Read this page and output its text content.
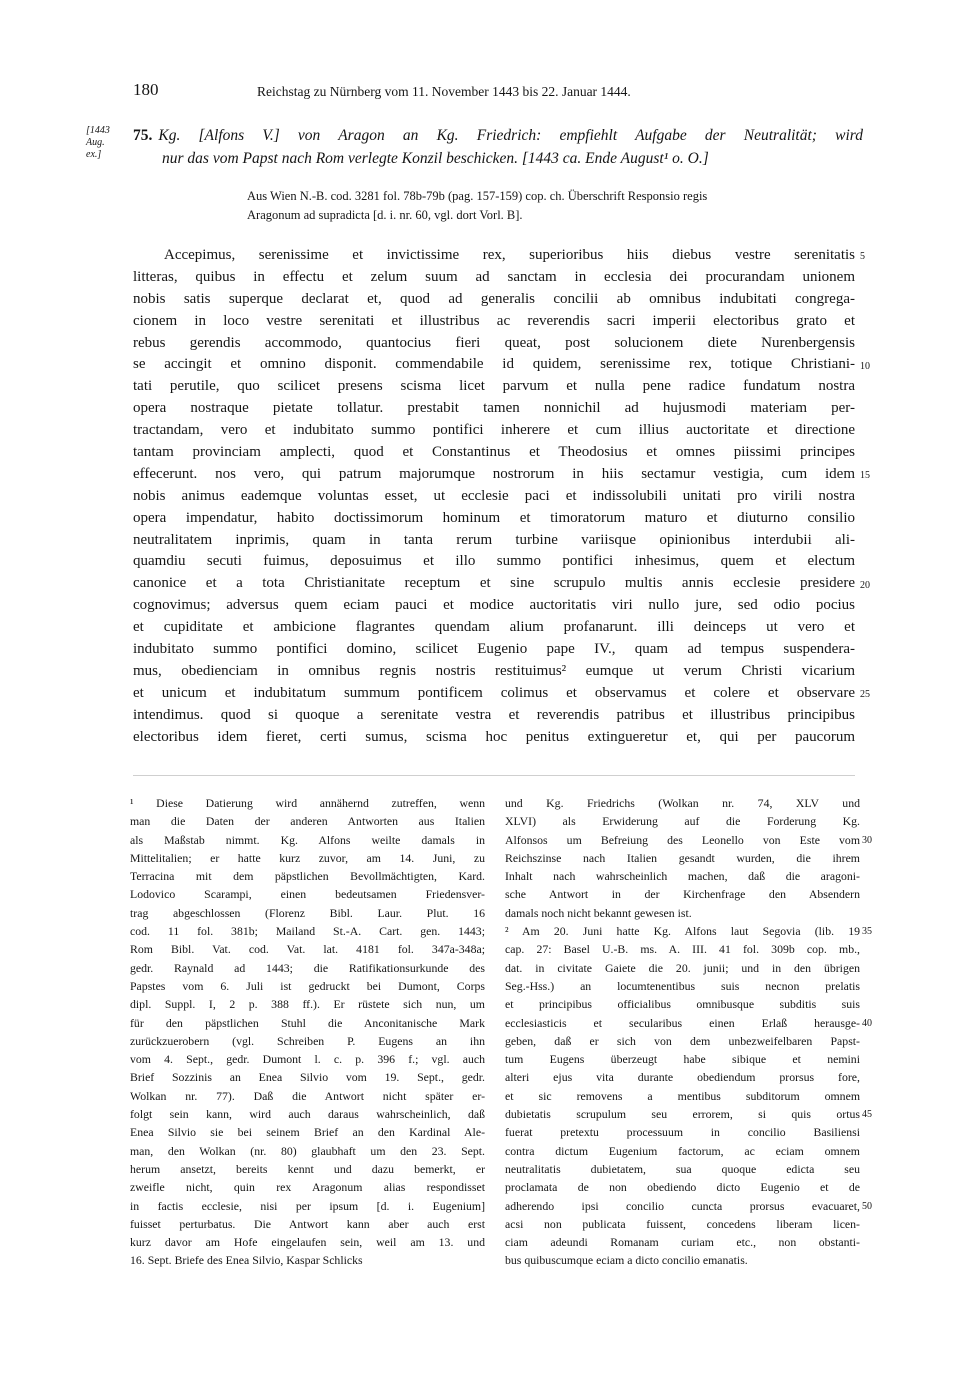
180	Reichstag zu Nürnberg vom 11. November 1443 bis 22. Januar 1444.
[1443
Aug.
ex.]
75. Kg. [Alfons V.] von Aragon an Kg. Friedrich: empfiehlt Aufgabe der Neutralität; wird
nur das vom Papst nach Rom verlegte Konzil beschicken. [1443 ca. Ende August¹ o. O.]
Aus Wien N.-B. cod. 3281 fol. 78b-79b (pag. 157-159) cop. ch. Überschrift Responsio regis
Aragonum ad supradicta [d. i. nr. 60, vgl. dort Vorl. B].
Accepimus, serenissime et invictissime rex, superioribus hiis diebus vestre serenitatis
litteras, quibus in effectu et zelum suum ad sanctam in ecclesia dei procurandam unionem
nobis satis superque declarat et, quod ad generalis concilii ab omnibus indubitati congrega-
cionem in loco vestre serenitati et illustribus ac reverendis sacri imperii electoribus grato et
rebus gerendis accommodo, quantocius fieri queat, post solucionem diete Nurenbergensis
se accingit et omnino disponit. commendabile id quidem, serenissime rex, totique Christiani-
tati perutile, quo scilicet presens scisma licet parvum et nulla pene radice fundatum nostra
opera nostraque pietate tollatur. prestabit tamen nonnichil ad hujusmodi materiam per-
tractandam, vero et indubitato summo pontifici inherere et cum illius auctoritate et directione
tantam provinciam amplecti, quod et Constantinus et Theodosius et omnes piissimi principes
effecerunt. nos vero, qui patrum majorumque nostrorum in hiis sectamur vestigia, cum idem
nobis animus eademque voluntas esset, ut ecclesie paci et indissolubili unitati pro virili nostra
opera impendatur, habito doctissimorum hominum et timoratorum maturo et diuturno consilio
neutralitatem inprimis, quam in tanta rerum turbine variisque opinionibus interdubii ali-
quamdiu secuti fuimus, deposuimus et illo summo pontifici inhesimus, quem et electum
canonice et a tota Christianitate receptum et sine scrupulo multis annis ecclesie presidere
cognovimus; adversus quem eciam pauci et modice auctoritatis viri nullo jure, sed odio pocius
et cupiditate et ambicione flagrantes quendam alium profanarunt. illi deinceps ut vero et
indubitato summo pontifici domino, scilicet Eugenio pape IV., quam ad tempus suspendera-
mus, obedienciam in omnibus regnis nostris restituimus² eumque ut verum Christi vicarium
et unicum et indubitatum summum pontificem colimus et observamus et colere et observare
intendimus. quod si quoque a serenitate vestra et reverendis patribus et illustribus principibus
electoribus idem fieret, certi sumus, scisma hoc penitus extingueretur et, qui per paucorum
¹ Diese Datierung wird annähernd zutreffen, wenn
man die Daten der anderen Antworten aus Italien
als Maßstab nimmt. Kg. Alfons weilte damals in
Mittelitalien; er hatte kurz zuvor, am 14. Juni, zu
Terracina mit dem päpstlichen Bevollmächtigten, Kard.
Lodovico Scarampi, einen bedeutsamen Friedensver-
trag abgeschlossen (Florenz Bibl. Laur. Plut. 16
cod. 11 fol. 381b; Mailand St.-A. Cart. gen. 1443;
Rom Bibl. Vat. cod. Vat. lat. 4181 fol. 347a-348a;
gedr. Raynald ad 1443; die Ratifikationsurkunde des
Papstes vom 6. Juli ist gedruckt bei Dumont, Corps
dipl. Suppl. I, 2 p. 388 ff.). Er rüstete sich nun, um
für den päpstlichen Stuhl die Anconitanische Mark
zurückzuerobern (vgl. Schreiben P. Eugens an ihn
vom 4. Sept., gedr. Dumont l. c. p. 396 f.; vgl. auch
Brief Sozzinis an Enea Silvio vom 19. Sept., gedr.
Wolkan nr. 77). Daß die Antwort nicht später er-
folgt sein kann, wird auch daraus wahrscheinlich, daß
Enea Silvio sie bei seinem Brief an den Kardinal Ale-
man, den Wolkan (nr. 80) glaubhaft um den 23. Sept.
herum ansetzt, bereits kennt und dazu bemerkt, er
zweifle nicht, quin rex Aragonum alias respondisset
in factis ecclesie, nisi per ipsum [d. i. Eugenium]
fuisset perturbatus. Die Antwort kann aber auch erst
kurz davor am Hofe eingelaufen sein, weil am 13. und
16. Sept. Briefe des Enea Silvio, Kaspar Schlicks
und Kg. Friedrichs (Wolkan nr. 74, XLV und
XLVI) als Erwiderung auf die Forderung Kg.
Alfonsos um Befreiung des Leonello von Este vom
Reichszinse nach Italien gesandt wurden, die ihrem
Inhalt nach wahrscheinlich machen, daß die aragoni-
sche Antwort in der Kirchenfrage den Absendern
damals noch nicht bekannt gewesen ist.
² Am 20. Juni hatte Kg. Alfons laut Segovia (lib. 19
cap. 27: Basel U.-B. ms. A. III. 41 fol. 309b cop. mb.,
dat. in civitate Gaiete die 20. junii; und in den übrigen
Seg.-Hss.) an locumtenentibus suis necnon prelatis
et principibus officialibus omnibusque subditis suis
ecclesiasticis et secularibus einen Erlaß herausge-
geben, daß er sich von dem unbezweifelbaren Papst-
tum Eugens überzeugt habe sibique et nemini
alteri ejus vita durante obediendum prorsus fore,
et sic removens a mentibus subditorum omnem
dubietatis scrupulum seu errorem, si quis ortus
fuerat pretextu processuum in concilio Basiliensi
contra dictum Eugenium factorum, ac eciam omnem
neutralitatis dubietatem, sua quoque edicta seu
proclamata de non obediendo dicto Eugenio et de
adherendo ipsi concilio cuncta prorsus evacuaret,
acsi non publicata fuissent, concedens liberam licen-
ciam adeundi Romanam curiam etc., non obstanti-
bus quibuscumque eciam a dicto concilio emanatis.
5
10
15
20
25
30
35
40
45
50
